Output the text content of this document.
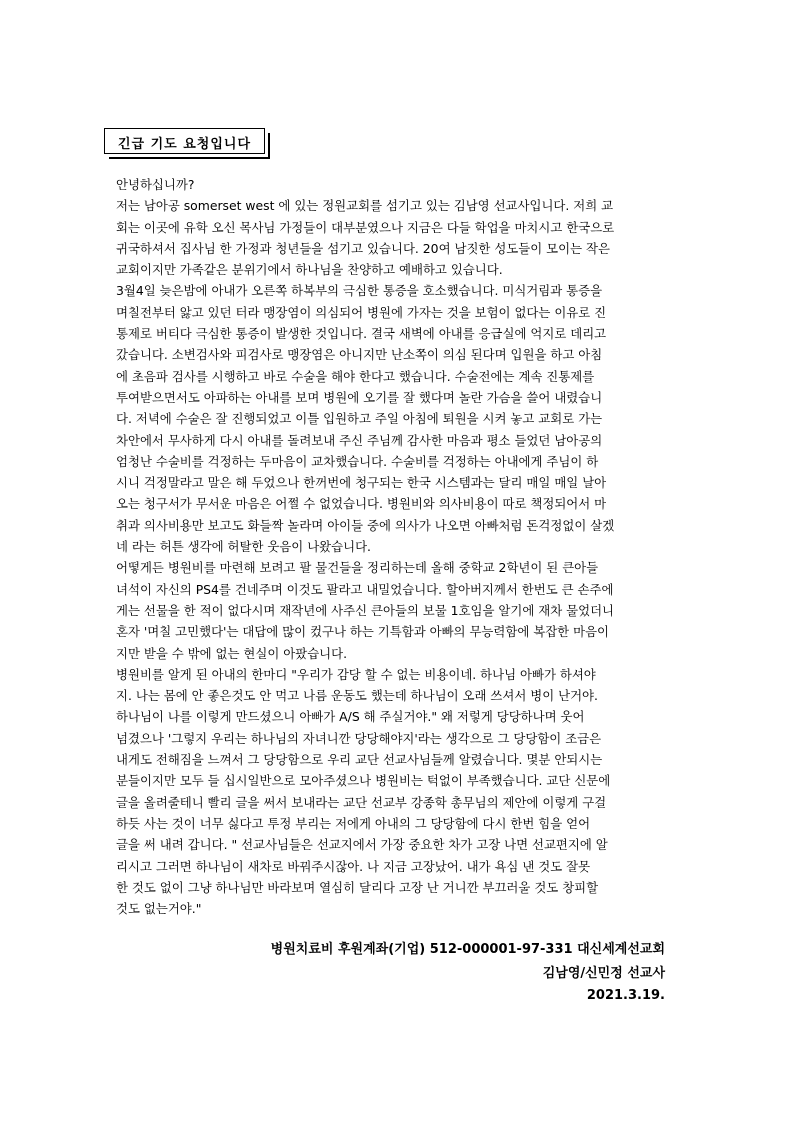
긴급 기도 요청입니다
안녕하십니까?
저는 남아공 somerset west 에 있는 정원교회를 섬기고 있는 김남영 선교사입니다. 저희 교
회는 이곳에 유학 오신 목사님 가정들이 대부분였으나 지금은 다들 학업을 마치시고 한국으로
귀국하셔서 집사님 한 가정과 청년들을 섬기고 있습니다. 20여 남짓한 성도들이 모이는 작은
교회이지만 가족같은 분위기에서 하나님을 찬양하고 예배하고 있습니다.
3월4일 늦은밤에 아내가 오른쪽 하복부의 극심한 통증을 호소했습니다. 미식거림과 통증을
며칠전부터 앓고 있던 터라 맹장염이 의심되어 병원에 가자는 것을 보험이 없다는 이유로 진
통제로 버티다 극심한 통증이 발생한 것입니다. 결국 새벽에 아내를 응급실에 억지로 데리고
갔습니다. 소변검사와 피검사로 맹장염은 아니지만 난소쪽이 의심 된다며 입원을 하고 아침
에 초음파 검사를 시행하고 바로 수술을 해야 한다고 했습니다. 수술전에는 계속 진통제를
투여받으면서도 아파하는 아내를 보며 병원에 오기를 잘 했다며 놀란 가슴을 쓸어 내렸습니
다. 저녁에 수술은 잘 진행되었고 이틀 입원하고 주일 아침에 퇴원을 시켜 놓고 교회로 가는
차안에서 무사하게 다시 아내를 돌려보내 주신 주님께 감사한 마음과 평소 들었던 남아공의
엄청난 수술비를 걱정하는 두마음이 교차했습니다. 수술비를 걱정하는 아내에게 주님이 하
시니 걱정말라고 말은 해 두었으나 한꺼번에 청구되는 한국 시스템과는 달리 매일 매일 날아
오는 청구서가 무서운 마음은 어쩔 수 없었습니다. 병원비와 의사비용이 따로 책정되어서 마
취과 의사비용만 보고도 화들짝 놀라며 아이들 중에 의사가 나오면 아빠처럼 돈걱정없이 살겠
네 라는 허튼 생각에 허탈한 웃음이 나왔습니다.
어떻게든 병원비를 마련해 보려고 팔 물건들을 정리하는데 올해 중학교 2학년이 된 큰아들
녀석이 자신의 PS4를 건네주며 이것도 팔라고 내밀었습니다. 할아버지께서 한번도 큰 손주에
게는 선물을 한 적이 없다시며 재작년에 사주신 큰아들의 보물 1호임을 알기에 재차 물었더니
혼자 '며칠 고민했다'는 대답에 많이 컸구나 하는 기특함과 아빠의 무능력함에 복잡한 마음이
지만 받을 수 밖에 없는 현실이 아팠습니다.
병원비를 알게 된 아내의 한마디 "우리가 감당 할 수 없는 비용이네. 하나님 아빠가 하셔야
지. 나는 몸에 안 좋은것도 안 먹고 나름 운동도 했는데 하나님이 오래 쓰셔서 병이 난거야.
하나님이 나를 이렇게 만드셨으니 아빠가 A/S 해 주실거야." 왜 저렇게 당당하나며 웃어
넘겼으나 '그렇지 우리는 하나님의 자녀니깐 당당해야지'라는 생각으로 그 당당함이 조금은
내게도 전해짐을 느껴서 그 당당함으로 우리 교단 선교사님들께 알렸습니다. 몇분 안되시는
분들이지만 모두 들 십시일반으로 모아주셨으나 병원비는 턱없이 부족했습니다. 교단 신문에
글을 올려줄테니 빨리 글을 써서 보내라는 교단 선교부 강종학 총무님의 제안에 이렇게 구걸
하듯 사는 것이 너무 싫다고 투정 부리는 저에게 아내의 그 당당함에 다시 한번 힘을 얻어
글을 써 내려 갑니다. " 선교사님들은 선교지에서 가장 중요한 차가 고장 나면 선교편지에 알
리시고 그러면 하나님이 새차로 바꿔주시잖아. 나 지금 고장났어. 내가 욕심 낸 것도 잘못
한 것도 없이 그냥 하나님만 바라보며 열심히 달리다 고장 난 거니깐 부끄러울 것도 창피할
것도 없는거야."
병원치료비 후원계좌(기업) 512-000001-97-331 대신세계선교회
김남영/신민정 선교사
2021.3.19.
